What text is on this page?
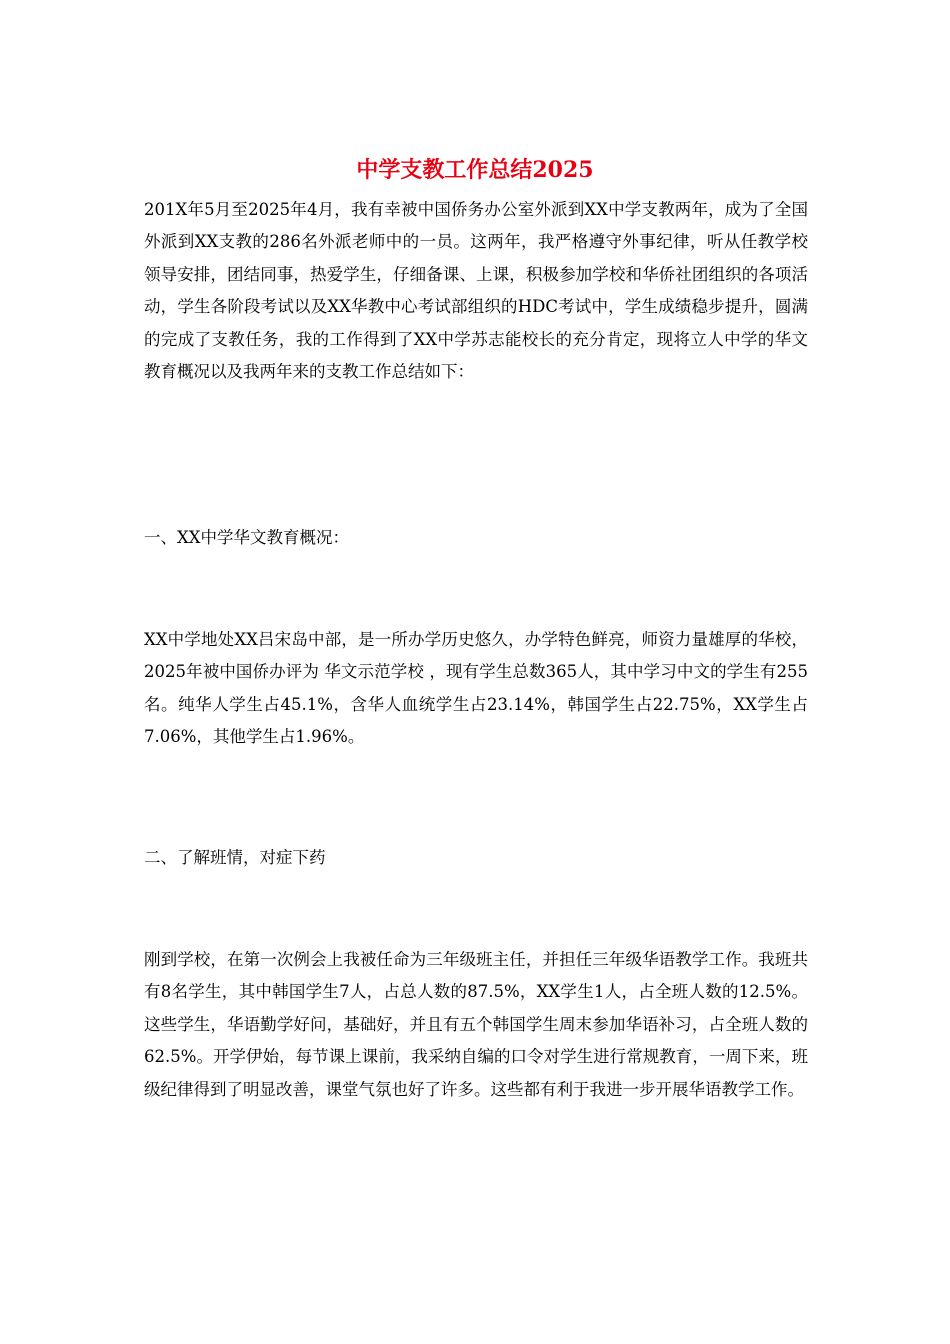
中学支教工作总结2025

201X年5月至2025年4月，我有幸被中国侨务办公室外派到XX中学支教两年，成为了全国外派到XX支教的286名外派老师中的一员。这两年，我严格遵守外事纪律，听从任教学校领导安排，团结同事，热爱学生，仔细备课、上课，积极参加学校和华侨社团组织的各项活动，学生各阶段考试以及XX华教中心考试部组织的HDC考试中，学生成绩稳步提升，圆满的完成了支教任务，我的工作得到了XX中学苏志能校长的充分肯定，现将立人中学的华文教育概况以及我两年来的支教工作总结如下：

一、XX中学华文教育概况：

XX中学地处XX吕宋岛中部，是一所办学历史悠久，办学特色鲜亮，师资力量雄厚的华校，2025年被中国侨办评为 华文示范学校 ，现有学生总数365人，其中学习中文的学生有255名。纯华人学生占45.1%，含华人血统学生占23.14%，韩国学生占22.75%，XX学生占7.06%，其他学生占1.96%。

二、了解班情，对症下药

刚到学校，在第一次例会上我被任命为三年级班主任，并担任三年级华语教学工作。我班共有8名学生，其中韩国学生7人，占总人数的87.5%，XX学生1人，占全班人数的12.5%。这些学生，华语勤学好问，基础好，并且有五个韩国学生周末参加华语补习，占全班人数的62.5%。开学伊始，每节课上课前，我采纳自编的口令对学生进行常规教育，一周下来，班级纪律得到了明显改善，课堂气氛也好了许多。这些都有利于我进一步开展华语教学工作。
